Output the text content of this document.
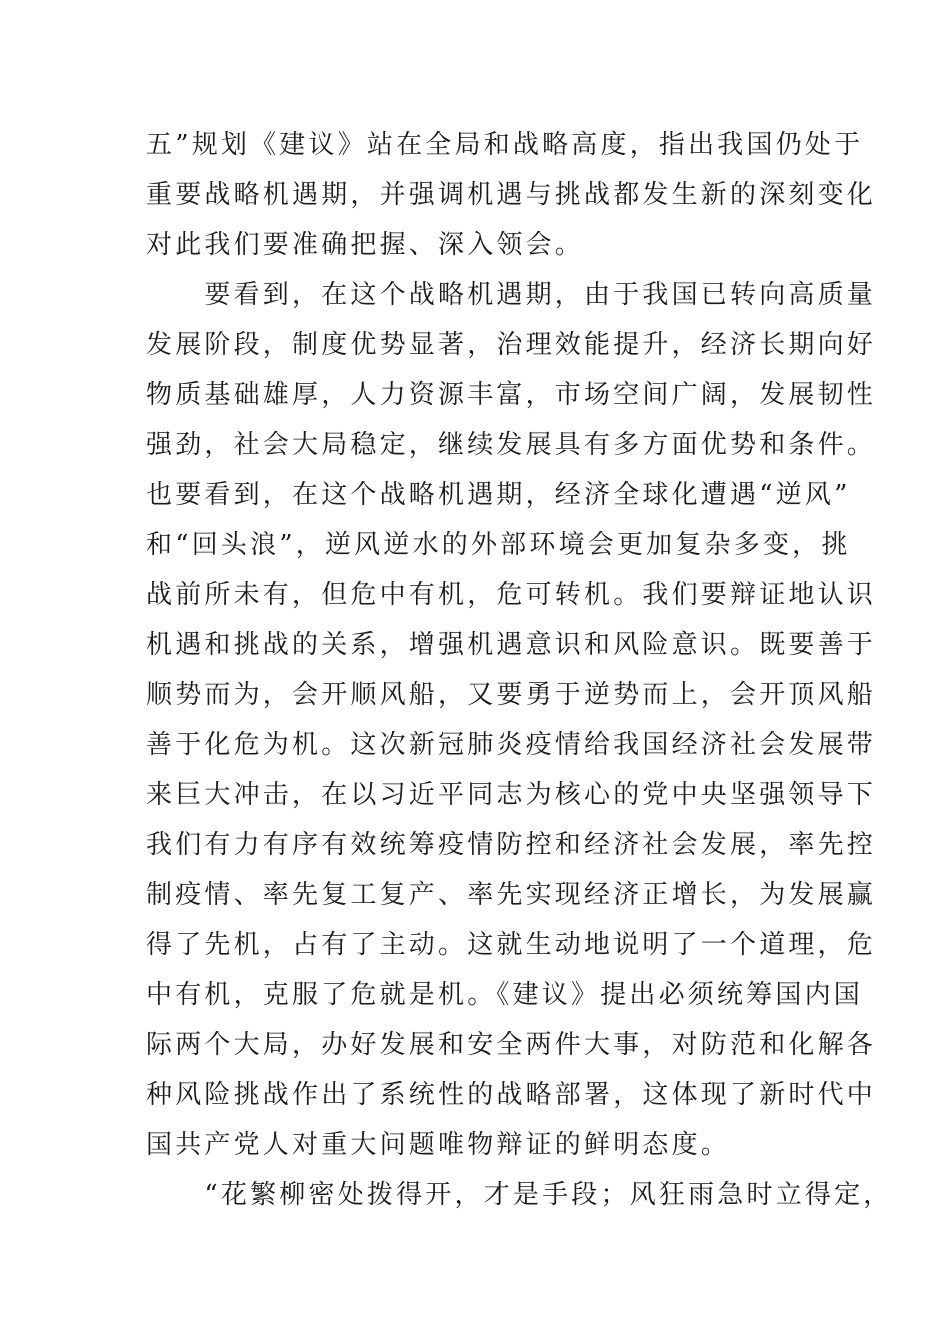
五”规划《建议》站在全局和战略高度，指出我国仍处于
重要战略机遇期，并强调机遇与挑战都发生新的深刻变化
对此我们要准确把握、深入领会。
　　要看到，在这个战略机遇期，由于我国已转向高质量
发展阶段，制度优势显著，治理效能提升，经济长期向好
物质基础雄厚，人力资源丰富，市场空间广阔，发展韧性
强劲，社会大局稳定，继续发展具有多方面优势和条件。
也要看到，在这个战略机遇期，经济全球化遭遇“逆风”
和“回头浪”，逆风逆水的外部环境会更加复杂多变，挑
战前所未有，但危中有机，危可转机。我们要辩证地认识
机遇和挑战的关系，增强机遇意识和风险意识。既要善于
顺势而为，会开顺风船，又要勇于逆势而上，会开顶风船
善于化危为机。这次新冠肺炎疫情给我国经济社会发展带
来巨大冲击，在以习近平同志为核心的党中央坚强领导下
我们有力有序有效统筹疫情防控和经济社会发展，率先控
制疫情、率先复工复产、率先实现经济正增长，为发展赢
得了先机，占有了主动。这就生动地说明了一个道理，危
中有机，克服了危就是机。《建议》提出必须统筹国内国
际两个大局，办好发展和安全两件大事，对防范和化解各
种风险挑战作出了系统性的战略部署，这体现了新时代中
国共产党人对重大问题唯物辩证的鲜明态度。
　　“花繁柳密处拨得开，才是手段；风狂雨急时立得定，
